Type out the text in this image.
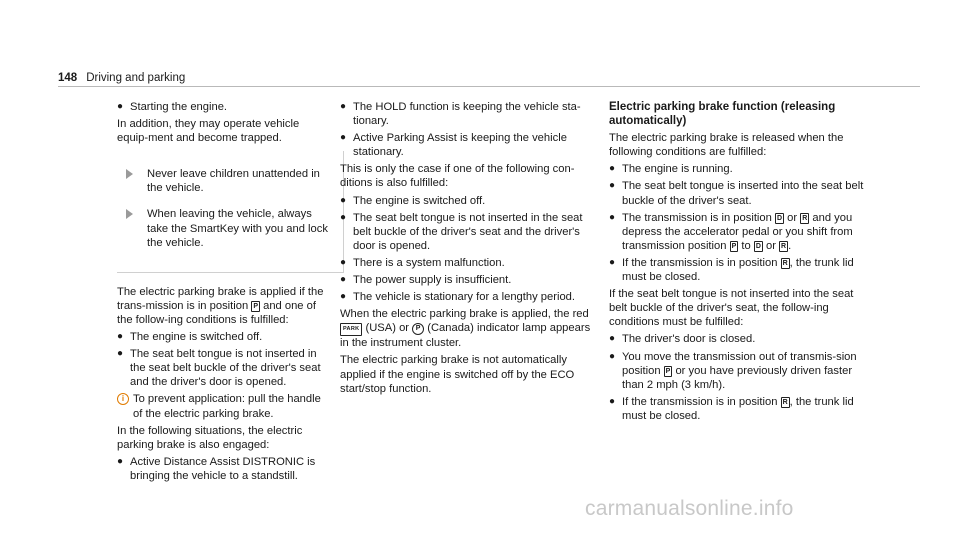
148 Driving and parking
● Starting the engine.

In addition, they may operate vehicle equip-ment and become trapped.

Never leave children unattended in the vehicle.
When leaving the vehicle, always take the SmartKey with you and lock the vehicle.

The electric parking brake is applied if the trans-mission is in position P and one of the follow-ing conditions is fulfilled:

● The engine is switched off.
● The seat belt tongue is not inserted in the seat belt buckle of the driver's seat and the driver's door is opened.
i To prevent application: pull the handle of the electric parking brake.

In the following situations, the electric parking brake is also engaged:

● Active Distance Assist DISTRONIC is bringing the vehicle to a standstill.
● The HOLD function is keeping the vehicle sta-tionary.
● Active Parking Assist is keeping the vehicle stationary.

This is only the case if one of the following con-ditions is also fulfilled:

● The engine is switched off.
● The seat belt tongue is not inserted in the seat belt buckle of the driver's seat and the driver's door is opened.
● There is a system malfunction.
● The power supply is insufficient.
● The vehicle is stationary for a lengthy period.

When the electric parking brake is applied, the red PARK (USA) or P (Canada) indicator lamp appears in the instrument cluster.

The electric parking brake is not automatically applied if the engine is switched off by the ECO start/stop function.

Electric parking brake function (releasing automatically)

The electric parking brake is released when the following conditions are fulfilled:

● The engine is running.
● The seat belt tongue is inserted into the seat belt buckle of the driver's seat.
● The transmission is in position D or R and you depress the accelerator pedal or you shift from transmission position P to D or R .
● If the transmission is in position R , the trunk lid must be closed.

If the seat belt tongue is not inserted into the seat belt buckle of the driver's seat, the follow-ing conditions must be fulfilled:

● The driver's door is closed.
● You move the transmission out of transmis-sion position P or you have previously driven faster than 2 mph (3 km/h).
● If the transmission is in position R , the trunk lid must be closed.
carmanualsonline.info
